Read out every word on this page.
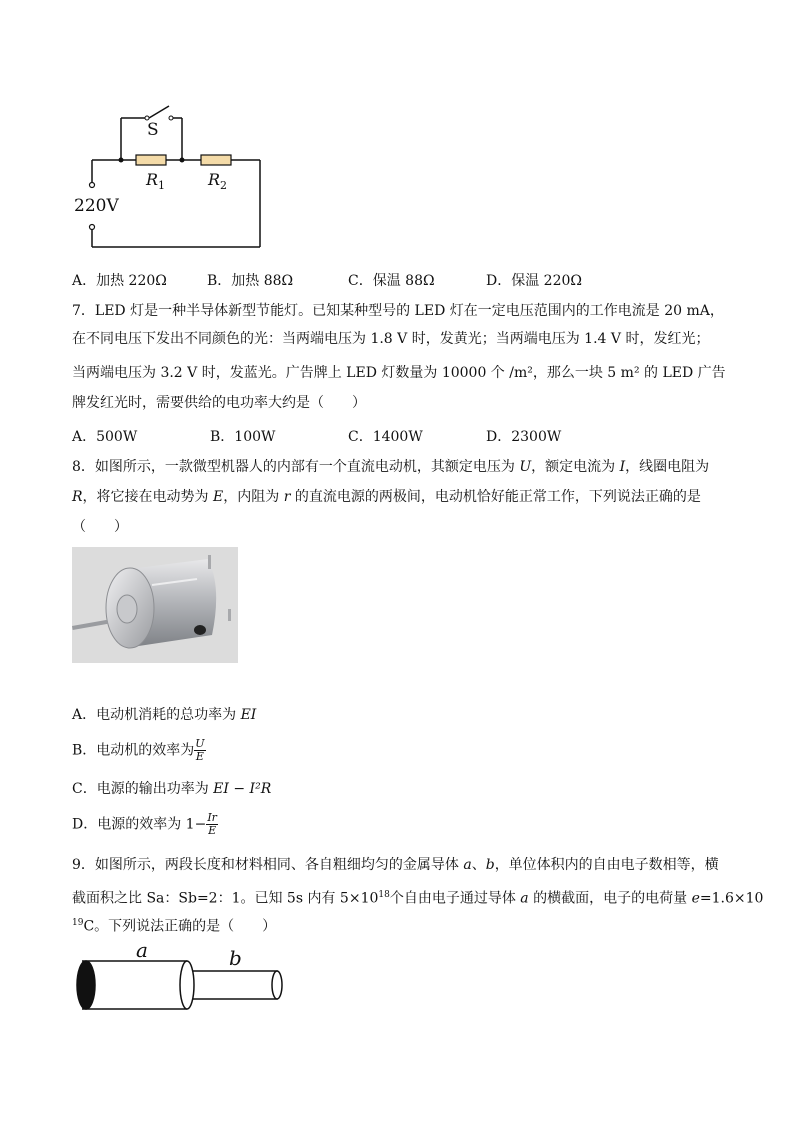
S
$R_1$	$R_2$
220V
A．加热 220Ω	B．加热 88Ω	C．保温 88Ω	D．保温 220Ω
7．LED 灯是一种半导体新型节能灯。已知某种型号的 LED 灯在一定电压范围内的工作电流是 20 mA，
在不同电压下发出不同颜色的光：当两端电压为 1.8 V 时，发黄光；当两端电压为 1.4 V 时，发红光；
当两端电压为 3.2 V 时，发蓝光。广告牌上 LED 灯数量为 10000 个 /m²，那么一块 5 m² 的 LED 广告
牌发红光时，需要供给的电功率大约是（　　）
A．500W	B．100W	C．1400W	D．2300W
8．如图所示，一款微型机器人的内部有一个直流电动机，其额定电压为 U，额定电流为 I，线圈电阻为
R，将它接在电动势为 E，内阻为 r 的直流电源的两极间，电动机恰好能正常工作，下列说法正确的是
（　　）
A．电动机消耗的总功率为 EI
B．电动机的效率为 $\frac{U}{E}$
C．电源的输出功率为 EI − I²R
D．电源的效率为 $1- \frac{Ir}{E}$
9．如图所示，两段长度和材料相同、各自粗细均匀的金属导体 a、b，单位体积内的自由电子数相等，横
截面积之比 Sa：Sb=2：1。已知 5s 内有 $5\times 10^{18}$个自由电子通过导体 a 的横截面，电子的电荷量 e=1.6×10
$^{19}$C。下列说法正确的是（　　）
a	b
